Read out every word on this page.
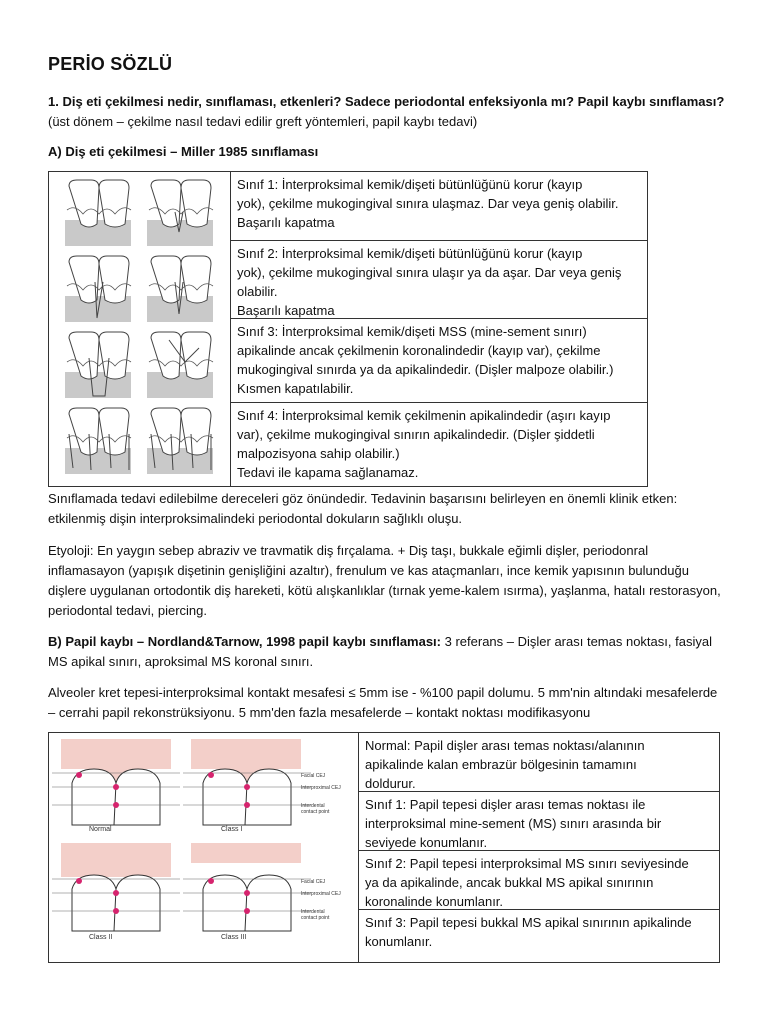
PERİO SÖZLÜ
1. Diş eti çekilmesi nedir, sınıflaması, etkenleri? Sadece periodontal enfeksiyonla mı? Papil kaybı sınıflaması? (üst dönem – çekilme nasıl tedavi edilir greft yöntemleri, papil kaybı tedavi)
A) Diş eti çekilmesi – Miller 1985 sınıflaması
Sınıf 1: İnterproksimal kemik/dişeti bütünlüğünü korur (kayıp
yok), çekilme mukogingival sınıra ulaşmaz. Dar veya geniş olabilir.
Başarılı kapatma
Sınıf 2: İnterproksimal kemik/dişeti bütünlüğünü korur (kayıp
yok), çekilme mukogingival sınıra ulaşır ya da aşar. Dar veya geniş
olabilir.
Başarılı kapatma
Sınıf 3: İnterproksimal kemik/dişeti MSS (mine-sement sınırı)
apikalinde ancak çekilmenin koronalindedir (kayıp var), çekilme
mukogingival sınırda ya da apikalindedir. (Dişler malpoze olabilir.)
Kısmen kapatılabilir.
Sınıf 4: İnterproksimal kemik çekilmenin apikalindedir (aşırı kayıp
var), çekilme mukogingival sınırın apikalindedir. (Dişler şiddetli
malpozisyona sahip olabilir.)
Tedavi ile kapama sağlanamaz.
Sınıflamada tedavi edilebilme dereceleri göz önündedir. Tedavinin başarısını belirleyen en önemli klinik etken: etkilenmiş dişin interproksimalindeki periodontal dokuların sağlıklı oluşu.
Etyoloji: En yaygın sebep abraziv ve travmatik diş fırçalama. + Diş taşı, bukkale eğimli dişler, periodonral inflamasayon (yapışık dişetinin genişliğini azaltır), frenulum ve kas ataçmanları, ince kemik yapısının bulunduğu dişlere uygulanan ortodontik diş hareketi, kötü alışkanlıklar (tırnak yeme-kalem ısırma), yaşlanma, hatalı restorasyon, periodontal tedavi, piercing.
B) Papil kaybı – Nordland&Tarnow, 1998 papil kaybı sınıflaması: 3 referans – Dişler arası temas noktası, fasiyal MS apikal sınırı, aproksimal MS koronal sınırı.
Alveoler kret tepesi-interproksimal kontakt mesafesi ≤ 5mm ise - %100 papil dolumu. 5 mm'nin altındaki mesafelerde – cerrahi papil rekonstrüksiyonu. 5 mm'den fazla mesafelerde – kontakt noktası modifikasyonu
Normal	Class I
Facial CEJ
Interproximal CEJ
Interdental
contact point
Class II	Class III
Facial CEJ
Interproximal CEJ
Interdental
contact point
Normal: Papil dişler arası temas noktası/alanının
apikalinde kalan embrazür bölgesinin tamamını
doldurur.
Sınıf 1: Papil tepesi dişler arası temas noktası ile
interproksimal mine-sement (MS) sınırı arasında bir
seviyede konumlanır.
Sınıf 2: Papil tepesi interproksimal MS sınırı seviyesinde
ya da apikalinde, ancak bukkal MS apikal sınırının
koronalinde konumlanır.
Sınıf 3: Papil tepesi bukkal MS apikal sınırının apikalinde
konumlanır.
